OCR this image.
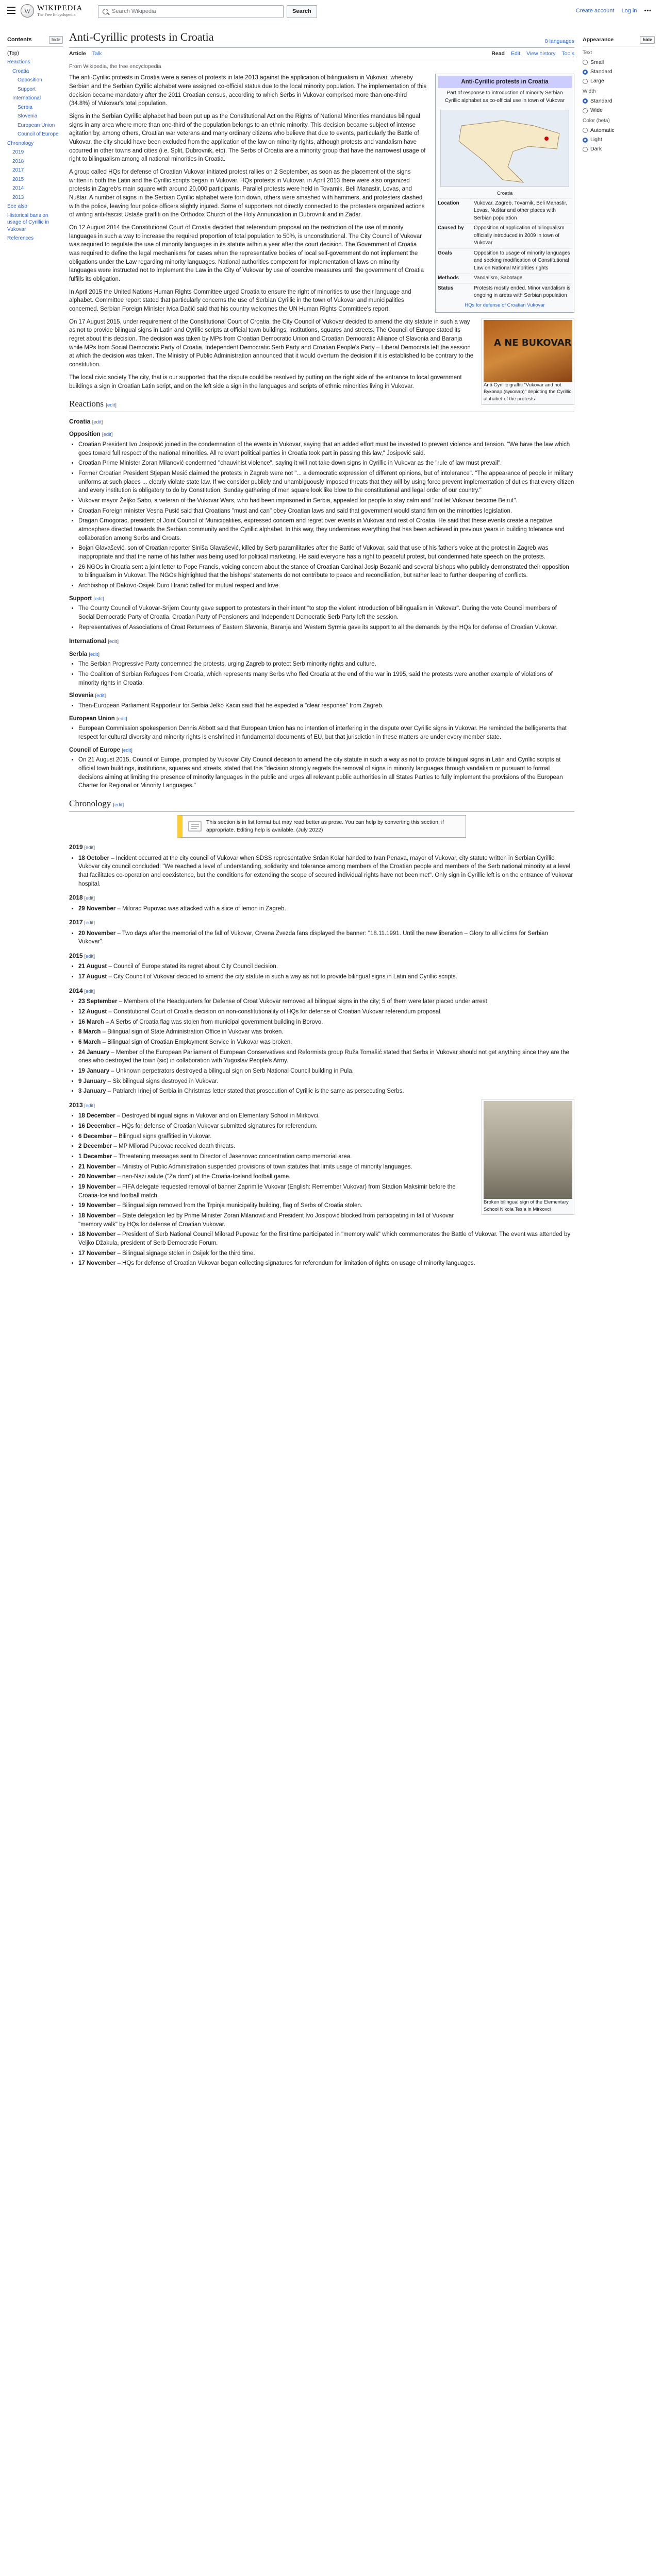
W
WIKIPEDIA
The Free Encyclopedia
Search Wikipedia	Search	Create account Log in •••
Contents	hide
(Top)
Reactions
Croatia
Opposition
Support
International
Serbia
Slovenia
European Union
Council of Europe
Chronology
2019
2018
2017
2015
2014
2013
See also
Historical bans on usage of Cyrillic in Vukovar
References
Appearance	hide
Text
Small
Standard
Large
Width
Standard
Wide
Color (beta)
Automatic
Light
Dark
Anti-Cyrillic protests in Croatia	8 languages
Article Talk	Read Edit View history Tools
From Wikipedia, the free encyclopedia
Anti-Cyrillic protests in Croatia
Part of response to introduction of minority Serbian Cyrillic alphabet as co-official use in town of Vukovar
Croatia
Location	Vukovar, Zagreb, Tovarnik, Beli Manastir, Lovas, Nuštar and other places with Serbian population
Caused by	Opposition of application of bilingualism officially introduced in 2009 in town of Vukovar
Goals	Opposition to usage of minority languages and seeking modification of Constitutional Law on National Minorities rights
Methods	Vandalism, Sabotage
Status	Protests mostly ended. Minor vandalism is ongoing in areas with Serbian population
HQs for defense of Croatian Vukovar

The anti-Cyrillic protests in Croatia were a series of protests in late 2013 against the application of bilingualism in Vukovar, whereby Serbian and the Serbian Cyrillic alphabet were assigned co-official status due to the local minority population. The implementation of this decision became mandatory after the 2011 Croatian census, according to which Serbs in Vukovar comprised more than one-third (34.8%) of Vukovar's total population.

Signs in the Serbian Cyrillic alphabet had been put up as the Constitutional Act on the Rights of National Minorities mandates bilingual signs in any area where more than one-third of the population belongs to an ethnic minority. This decision became subject of intense agitation by, among others, Croatian war veterans and many ordinary citizens who believe that due to events, particularly the Battle of Vukovar, the city should have been excluded from the application of the law on minority rights, although protests and vandalism have occurred in other towns and cities (i.e. Split, Dubrovnik, etc). The Serbs of Croatia are a minority group that have the narrowest usage of right to bilingualism among all national minorities in Croatia.

A NE BUKOVAR
Anti-Cyrillic graffiti "Vukovar and not Вуковар (вуковар)" depicting the Cyrillic alphabet of the protests

A group called HQs for defense of Croatian Vukovar initiated protest rallies on 2 September, as soon as the placement of the signs written in both the Latin and the Cyrillic scripts began in Vukovar. HQs protests in Vukovar, in April 2013 there were also organized protests in Zagreb's main square with around 20,000 participants. Parallel protests were held in Tovarnik, Beli Manastir, Lovas, and Nuštar. A number of signs in the Serbian Cyrillic alphabet were torn down, others were smashed with hammers, and protesters clashed with the police, leaving four police officers slightly injured. Some of supporters not directly connected to the protesters organized actions of writing anti-fascist Ustaše graffiti on the Orthodox Church of the Holy Annunciation in Dubrovnik and in Zadar.

On 12 August 2014 the Constitutional Court of Croatia decided that referendum proposal on the restriction of the use of minority languages in such a way to increase the required proportion of total population to 50%, is unconstitutional. The City Council of Vukovar was required to regulate the use of minority languages in its statute within a year after the court decision. The Government of Croatia was required to define the legal mechanisms for cases when the representative bodies of local self-government do not implement the obligations under the Law regarding minority languages. National authorities competent for implementation of laws on minority languages were instructed not to implement the Law in the City of Vukovar by use of coercive measures until the government of Croatia fulfills its obligation.

In April 2015 the United Nations Human Rights Committee urged Croatia to ensure the right of minorities to use their language and alphabet. Committee report stated that particularly concerns the use of Serbian Cyrillic in the town of Vukovar and municipalities concerned. Serbian Foreign Minister Ivica Dačić said that his country welcomes the UN Human Rights Committee's report.

On 17 August 2015, under requirement of the Constitutional Court of Croatia, the City Council of Vukovar decided to amend the city statute in such a way as not to provide bilingual signs in Latin and Cyrillic scripts at official town buildings, institutions, squares and streets. The Council of Europe stated its regret about this decision. The decision was taken by MPs from Croatian Democratic Union and Croatian Democratic Alliance of Slavonia and Baranja while MPs from Social Democratic Party of Croatia, Independent Democratic Serb Party and Croatian People's Party – Liberal Democrats left the session at which the decision was taken. The Ministry of Public Administration announced that it would overturn the decision if it is established to be contrary to the constitution.

The local civic society The city, that is our supported that the dispute could be resolved by putting on the right side of the entrance to local government buildings a sign in Croatian Latin script, and on the left side a sign in the languages and scripts of ethnic minorities living in Vukovar.

Reactions [edit]
Croatia [edit]
Opposition [edit]
• Croatian President Ivo Josipović joined in the condemnation of the events in Vukovar, saying that an added effort must be invested to prevent violence and tension. "We have the law which goes toward full respect of the national minorities. All relevant political parties in Croatia took part in passing this law," Josipović said.
• Croatian Prime Minister Zoran Milanović condemned "chauvinist violence", saying it will not take down signs in Cyrillic in Vukovar as the "rule of law must prevail".
• Former Croatian President Stjepan Mesić claimed the protests in Zagreb were not "... a democratic expression of different opinions, but of intolerance". "The appearance of people in military uniforms at such places ... clearly violate state law. If we consider publicly and unambiguously imposed threats that they will by using force prevent implementation of duties that every citizen and every institution is obligatory to do by Constitution, Sunday gathering of men square look like blow to the constitutional and legal order of our country."
• Vukovar mayor Željko Sabo, a veteran of the Vukovar Wars, who had been imprisoned in Serbia, appealed for people to stay calm and "not let Vukovar become Beirut".
• Croatian Foreign minister Vesna Pusić said that Croatians "must and can" obey Croatian laws and said that government would stand firm on the minorities legislation.
• Dragan Crnogorac, president of Joint Council of Municipalities, expressed concern and regret over events in Vukovar and rest of Croatia. He said that these events create a negative atmosphere directed towards the Serbian community and the Cyrillic alphabet. In this way, they undermines everything that has been achieved in previous years in building tolerance and collaboration among Serbs and Croats.
• Bojan Glavašević, son of Croatian reporter Siniša Glavašević, killed by Serb paramilitaries after the Battle of Vukovar, said that use of his father's voice at the protest in Zagreb was inappropriate and that the name of his father was being used for political marketing. He said everyone has a right to peaceful protest, but condemned hate speech on the protests.
• 26 NGOs in Croatia sent a joint letter to Pope Francis, voicing concern about the stance of Croatian Cardinal Josip Bozanić and several bishops who publicly demonstrated their opposition to bilingualism in Vukovar. The NGOs highlighted that the bishops' statements do not contribute to peace and reconciliation, but rather lead to further deepening of conflicts.
• Archbishop of Đakovo-Osijek Đuro Hranić called for mutual respect and love.
Support [edit]
• The County Council of Vukovar-Srijem County gave support to protesters in their intent "to stop the violent introduction of bilingualism in Vukovar". During the vote Council members of Social Democratic Party of Croatia, Croatian Party of Pensioners and Independent Democratic Serb Party left the session.
• Representatives of Associations of Croat Returnees of Eastern Slavonia, Baranja and Western Syrmia gave its support to all the demands by the HQs for defense of Croatian Vukovar.
International [edit]
Serbia [edit]
• The Serbian Progressive Party condemned the protests, urging Zagreb to protect Serb minority rights and culture.
• The Coalition of Serbian Refugees from Croatia, which represents many Serbs who fled Croatia at the end of the war in 1995, said the protests were another example of violations of minority rights in Croatia.
Slovenia [edit]
• Then-European Parliament Rapporteur for Serbia Jelko Kacin said that he expected a "clear response" from Zagreb.
European Union [edit]
• European Commission spokesperson Dennis Abbott said that European Union has no intention of interfering in the dispute over Cyrillic signs in Vukovar. He reminded the belligerents that respect for cultural diversity and minority rights is enshrined in fundamental documents of EU, but that jurisdiction in these matters are under every member state.
Council of Europe [edit]
• On 21 August 2015, Council of Europe, prompted by Vukovar City Council decision to amend the city statute in such a way as not to provide bilingual signs in Latin and Cyrillic scripts at official town buildings, institutions, squares and streets, stated that this "decision strongly regrets the removal of signs in minority languages through vandalism or pursuant to formal decisions aiming at limiting the presence of minority languages in the public and urges all relevant public authorities in all States Parties to fully implement the provisions of the European Charter for Regional or Minority Languages."
Chronology [edit]
This section is in list format but may read better as prose. You can help by converting this section, if appropriate. Editing help is available. (July 2022)
2019 [edit]
• 18 October – Incident occurred at the city council of Vukovar when SDSS representative Srđan Kolar handed to Ivan Penava, mayor of Vukovar, city statute written in Serbian Cyrillic. Vukovar city council concluded: "We reached a level of understanding, solidarity and tolerance among members of the Croatian people and members of the Serb national minority at a level that facilitates co-operation and coexistence, but the conditions for extending the scope of secured individual rights have not been met". Only sign in Cyrillic left is on the entrance of Vukovar hospital.
2018 [edit]
• 29 November – Milorad Pupovac was attacked with a slice of lemon in Zagreb.
2017 [edit]
• 20 November – Two days after the memorial of the fall of Vukovar, Crvena Zvezda fans displayed the banner: "18.11.1991. Until the new liberation – Glory to all victims for Serbian Vukovar".
2015 [edit]
• 21 August – Council of Europe stated its regret about City Council decision.
• 17 August – City Council of Vukovar decided to amend the city statute in such a way as not to provide bilingual signs in Latin and Cyrillic scripts.
2014 [edit]
• 23 September – Members of the Headquarters for Defense of Croat Vukovar removed all bilingual signs in the city; 5 of them were later placed under arrest.
• 12 August – Constitutional Court of Croatia decision on non-constitutionality of HQs for defense of Croatian Vukovar referendum proposal.
• 16 March – A Serbs of Croatia flag was stolen from municipal government building in Borovo.
• 8 March – Bilingual sign of State Administration Office in Vukovar was broken.
• 6 March – Bilingual sign of Croatian Employment Service in Vukovar was broken.
• 24 January – Member of the European Parliament of European Conservatives and Reformists group Ruža Tomašić stated that Serbs in Vukovar should not get anything since they are the ones who destroyed the town (sic) in collaboration with Yugoslav People's Army.
• 19 January – Unknown perpetrators destroyed a bilingual sign on Serb National Council building in Pula.
• 9 January – Six bilingual signs destroyed in Vukovar.
• 3 January – Patriarch Irinej of Serbia in Christmas letter stated that prosecution of Cyrillic is the same as persecuting Serbs.
Broken bilingual sign of the Elementary School Nikola Tesla in Mirkovci
2013 [edit]
• 18 December – Destroyed bilingual signs in Vukovar and on Elementary School in Mirkovci.
• 16 December – HQs for defense of Croatian Vukovar submitted signatures for referendum.
• 6 December – Bilingual signs graffitied in Vukovar.
• 2 December – MP Milorad Pupovac received death threats.
• 1 December – Threatening messages sent to Director of Jasenovac concentration camp memorial area.
• 21 November – Ministry of Public Administration suspended provisions of town statutes that limits usage of minority languages.
• 20 November – neo-Nazi salute ("Za dom") at the Croatia-Iceland football game.
• 19 November – FIFA delegate requested removal of banner Zaprimite Vukovar (English: Remember Vukovar) from Stadion Maksimir before the Croatia-Iceland football match.
• 19 November – Bilingual sign removed from the Trpinja municipality building, flag of Serbs of Croatia stolen.
• 18 November – State delegation led by Prime Minister Zoran Milanović and President Ivo Josipović blocked from participating in fall of Vukovar "memory walk" by HQs for defense of Croatian Vukovar.
• 18 November – President of Serb National Council Milorad Pupovac for the first time participated in "memory walk" which commemorates the Battle of Vukovar. The event was attended by Veljko Džakula, president of Serb Democratic Forum.
• 17 November – Bilingual signage stolen in Osijek for the third time.
• 17 November – HQs for defense of Croatian Vukovar began collecting signatures for referendum for limitation of rights on usage of minority languages.
